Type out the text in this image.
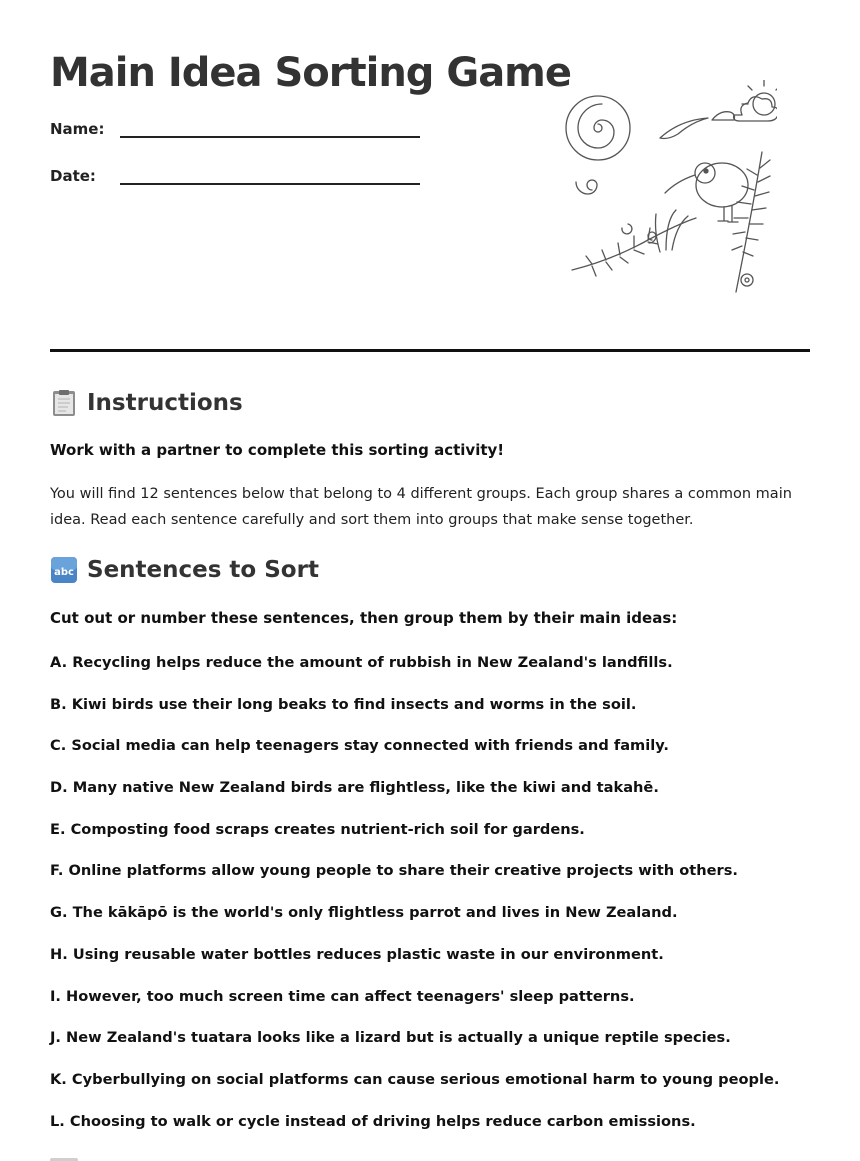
Main Idea Sorting Game
Name:
Date:
Instructions

Work with a partner to complete this sorting activity!

You will find 12 sentences below that belong to 4 different groups. Each group shares a common main idea. Read each sentence carefully and sort them into groups that make sense together.

abc Sentences to Sort

Cut out or number these sentences, then group them by their main ideas:

A. Recycling helps reduce the amount of rubbish in New Zealand's landfills.
B. Kiwi birds use their long beaks to find insects and worms in the soil.
C. Social media can help teenagers stay connected with friends and family.
D. Many native New Zealand birds are flightless, like the kiwi and takahē.
E. Composting food scraps creates nutrient-rich soil for gardens.
F. Online platforms allow young people to share their creative projects with others.
G. The kākāpō is the world's only flightless parrot and lives in New Zealand.
H. Using reusable water bottles reduces plastic waste in our environment.
I. However, too much screen time can affect teenagers' sleep patterns.
J. New Zealand's tuatara looks like a lizard but is actually a unique reptile species.
K. Cyberbullying on social platforms can cause serious emotional harm to young people.
L. Choosing to walk or cycle instead of driving helps reduce carbon emissions.
